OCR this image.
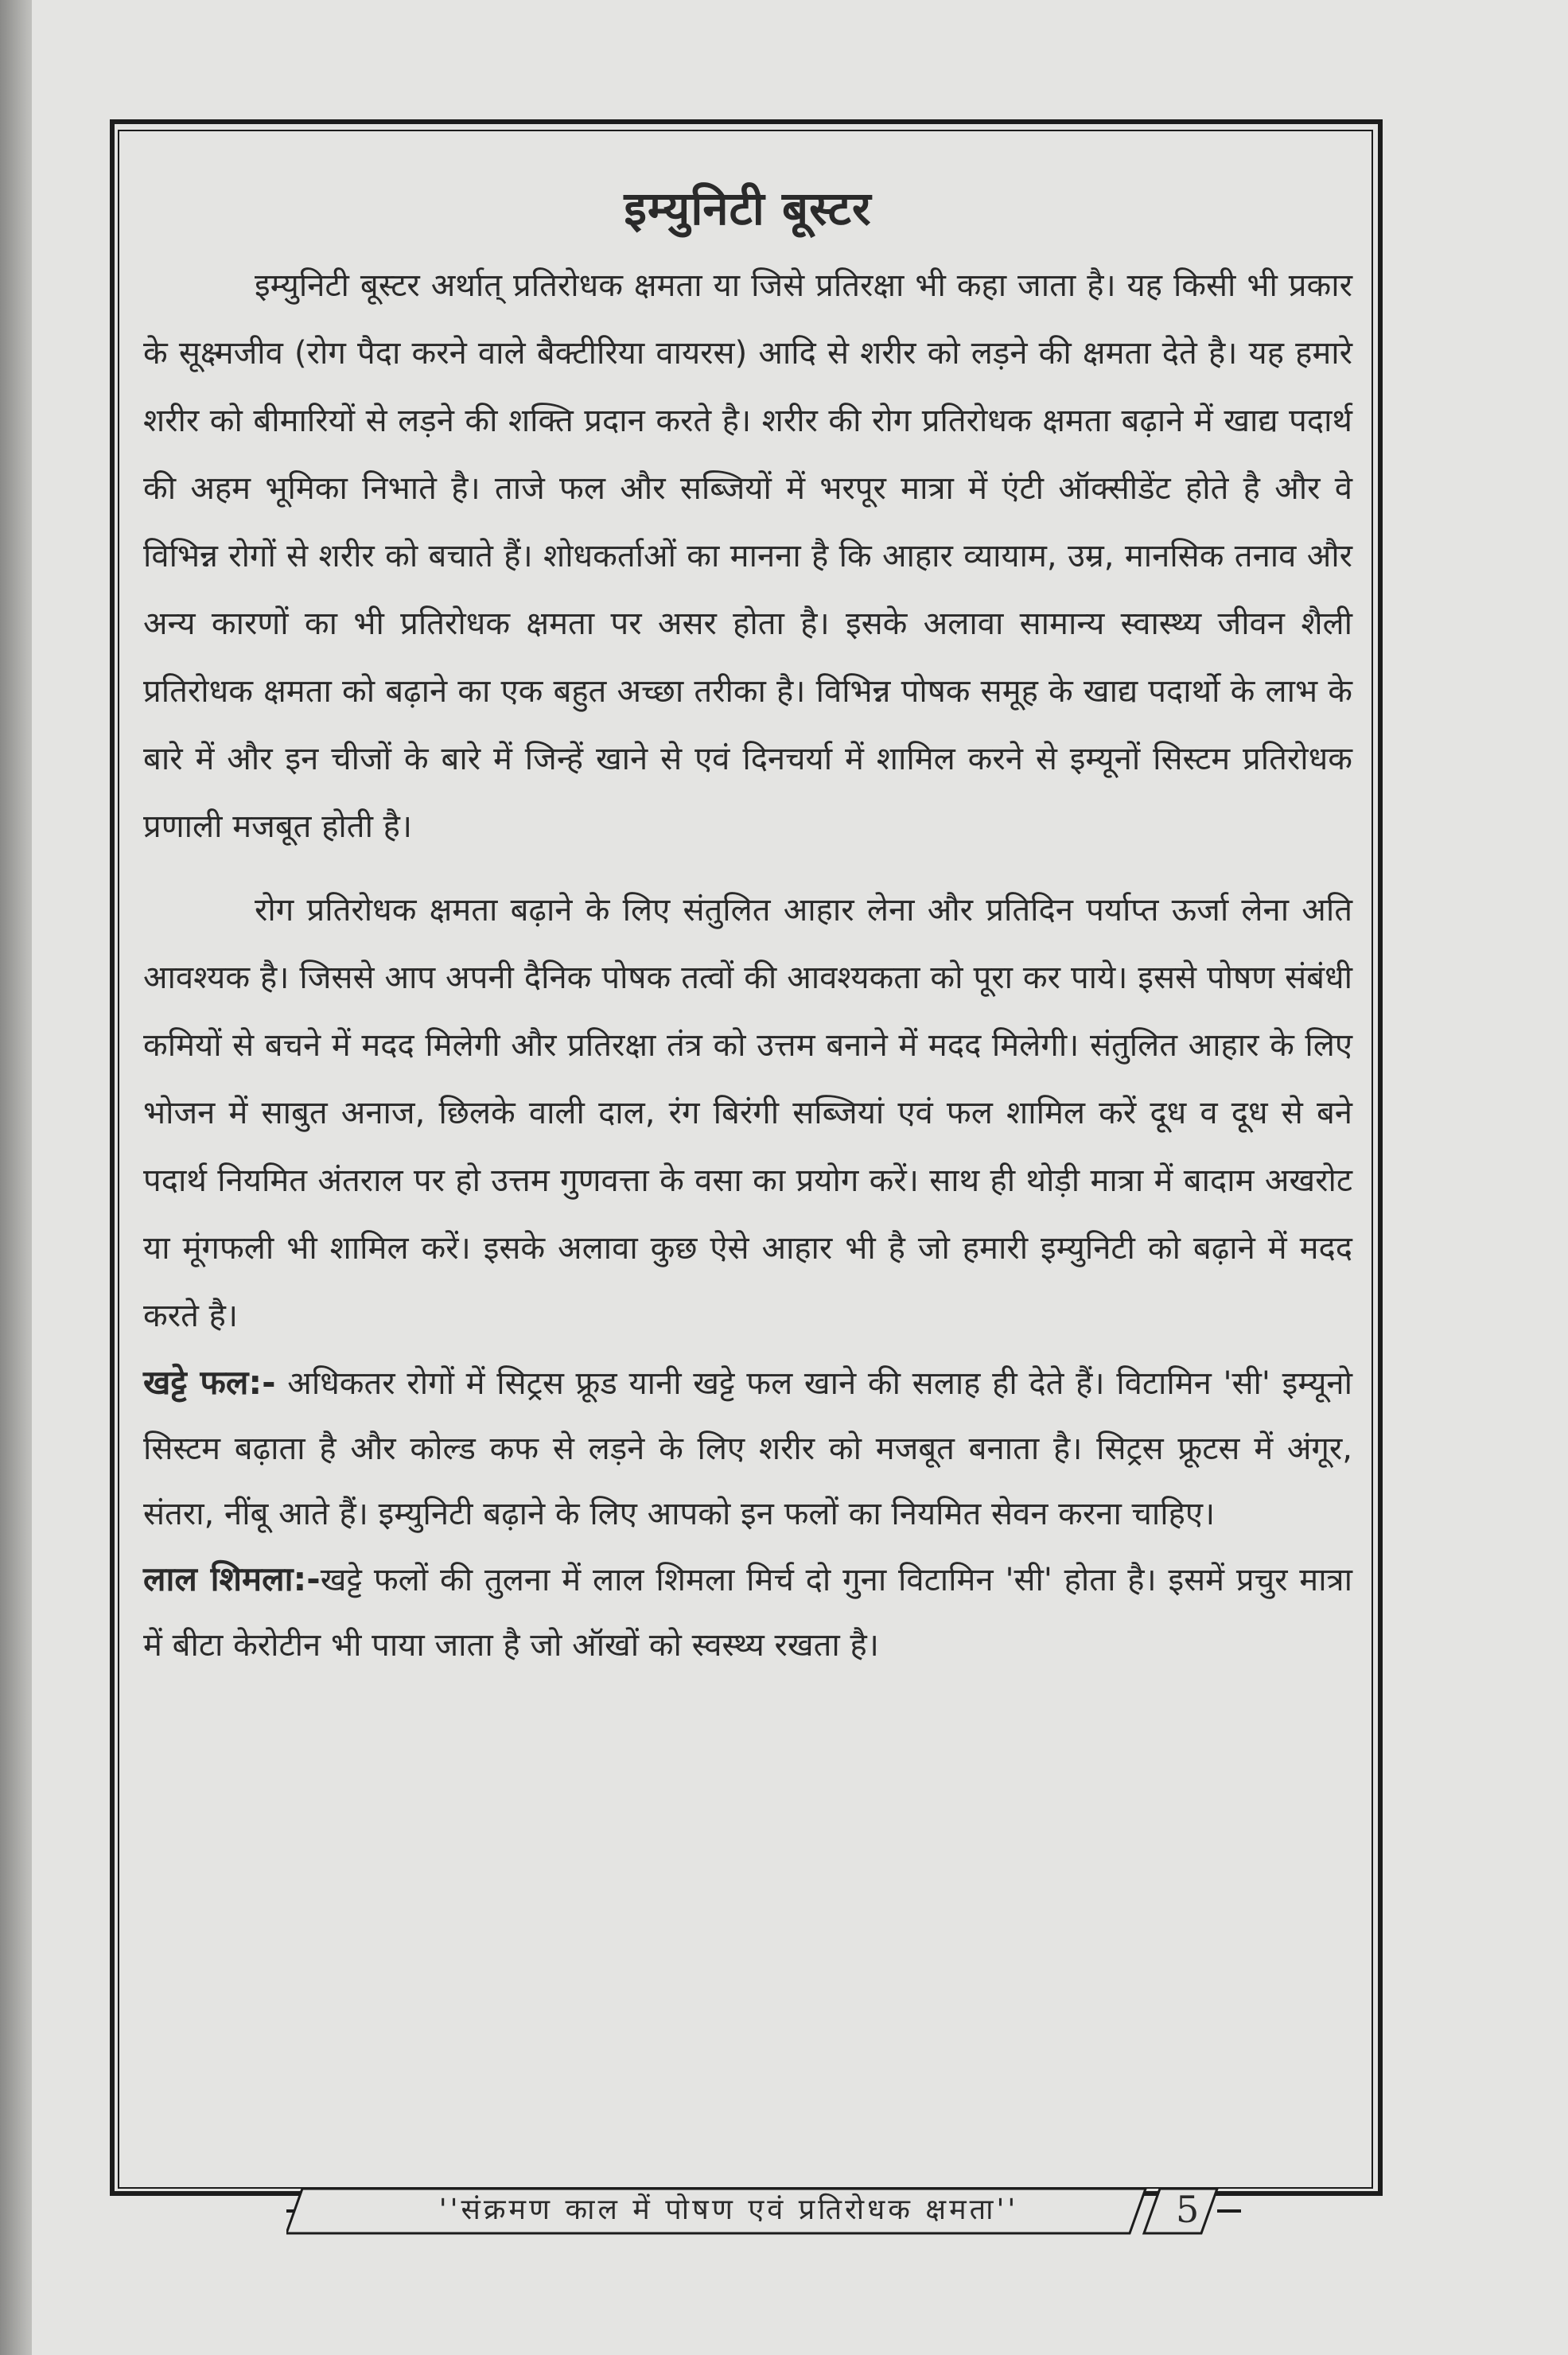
इम्युनिटी बूस्टर

इम्युनिटी बूस्टर अर्थात् प्रतिरोधक क्षमता या जिसे प्रतिरक्षा भी कहा जाता है। यह किसी भी प्रकार के सूक्ष्मजीव (रोग पैदा करने वाले बैक्टीरिया वायरस) आदि से शरीर को लड़ने की क्षमता देते है। यह हमारे शरीर को बीमारियों से लड़ने की शक्ति प्रदान करते है। शरीर की रोग प्रतिरोधक क्षमता बढ़ाने में खाद्य पदार्थ की अहम भूमिका निभाते है। ताजे फल और सब्जियों में भरपूर मात्रा में एंटी ऑक्सीडेंट होते है और वे विभिन्न रोगों से शरीर को बचाते हैं। शोधकर्ताओं का मानना है कि आहार व्यायाम, उम्र, मानसिक तनाव और अन्य कारणों का भी प्रतिरोधक क्षमता पर असर होता है। इसके अलावा सामान्य स्वास्थ्य जीवन शैली प्रतिरोधक क्षमता को बढ़ाने का एक बहुत अच्छा तरीका है। विभिन्न पोषक समूह के खाद्य पदार्थो के लाभ के बारे में और इन चीजों के बारे में जिन्हें खाने से एवं दिनचर्या में शामिल करने से इम्यूनों सिस्टम प्रतिरोधक प्रणाली मजबूत होती है।

रोग प्रतिरोधक क्षमता बढ़ाने के लिए संतुलित आहार लेना और प्रतिदिन पर्याप्त ऊर्जा लेना अति आवश्यक है। जिससे आप अपनी दैनिक पोषक तत्वों की आवश्यकता को पूरा कर पाये। इससे पोषण संबंधी कमियों से बचने में मदद मिलेगी और प्रतिरक्षा तंत्र को उत्तम बनाने में मदद मिलेगी। संतुलित आहार के लिए भोजन में साबुत अनाज, छिलके वाली दाल, रंग बिरंगी सब्जियां एवं फल शामिल करें दूध व दूध से बने पदार्थ नियमित अंतराल पर हो उत्तम गुणवत्ता के वसा का प्रयोग करें। साथ ही थोड़ी मात्रा में बादाम अखरोट या मूंगफली भी शामिल करें। इसके अलावा कुछ ऐसे आहार भी है जो हमारी इम्युनिटी को बढ़ाने में मदद करते है।

खट्टे फल:- अधिकतर रोगों में सिट्रस फ्रूड यानी खट्टे फल खाने की सलाह ही देते हैं। विटामिन 'सी' इम्यूनो सिस्टम बढ़ाता है और कोल्ड कफ से लड़ने के लिए शरीर को मजबूत बनाता है। सिट्रस फ्रूटस में अंगूर, संतरा, नींबू आते हैं। इम्युनिटी बढ़ाने के लिए आपको इन फलों का नियमित सेवन करना चाहिए।

लाल शिमला:-खट्टे फलों की तुलना में लाल शिमला मिर्च दो गुना विटामिन 'सी' होता है। इसमें प्रचुर मात्रा में बीटा केरोटीन भी पाया जाता है जो ऑखों को स्वस्थ्य रखता है।

''संक्रमण काल में पोषण एवं प्रतिरोधक क्षमता''	5
